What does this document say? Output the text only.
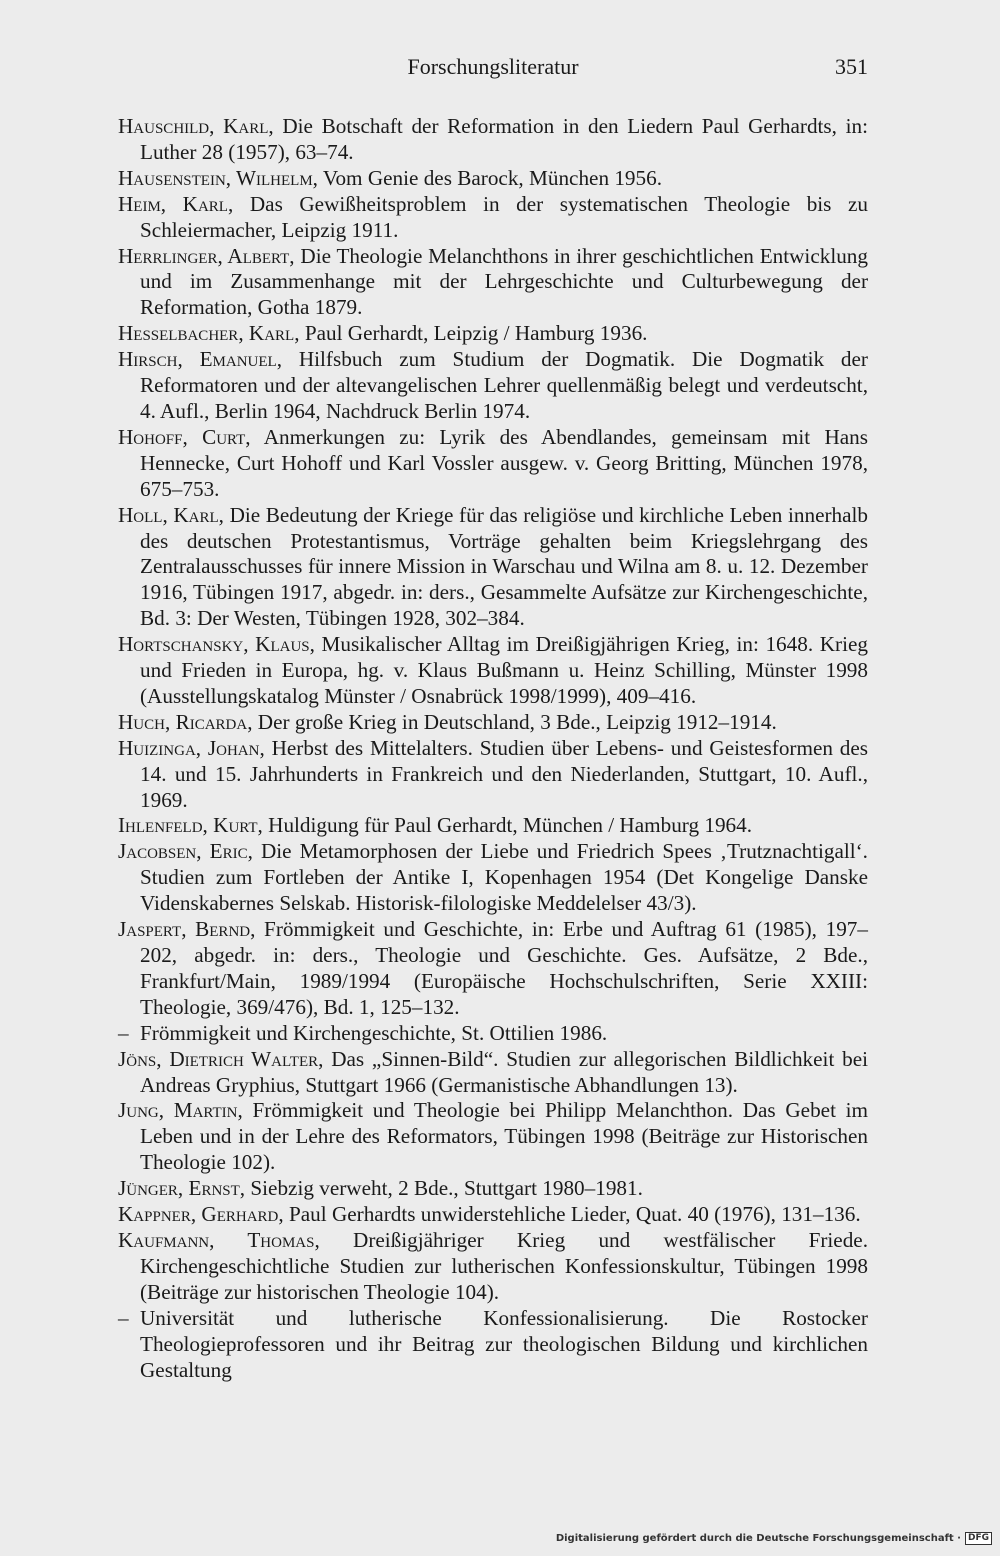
Forschungsliteratur	351
Hauschild, Karl, Die Botschaft der Reformation in den Liedern Paul Gerhardts, in: Luther 28 (1957), 63–74.
Hausenstein, Wilhelm, Vom Genie des Barock, München 1956.
Heim, Karl, Das Gewißheitsproblem in der systematischen Theologie bis zu Schleiermacher, Leipzig 1911.
Herrlinger, Albert, Die Theologie Melanchthons in ihrer geschichtlichen Entwicklung und im Zusammenhange mit der Lehrgeschichte und Culturbewegung der Reformation, Gotha 1879.
Hesselbacher, Karl, Paul Gerhardt, Leipzig / Hamburg 1936.
Hirsch, Emanuel, Hilfsbuch zum Studium der Dogmatik. Die Dogmatik der Reformatoren und der altevangelischen Lehrer quellenmäßig belegt und verdeutscht, 4. Aufl., Berlin 1964, Nachdruck Berlin 1974.
Hohoff, Curt, Anmerkungen zu: Lyrik des Abendlandes, gemeinsam mit Hans Hennecke, Curt Hohoff und Karl Vossler ausgew. v. Georg Britting, München 1978, 675–753.
Holl, Karl, Die Bedeutung der Kriege für das religiöse und kirchliche Leben innerhalb des deutschen Protestantismus, Vorträge gehalten beim Kriegslehrgang des Zentralausschusses für innere Mission in Warschau und Wilna am 8. u. 12. Dezember 1916, Tübingen 1917, abgedr. in: ders., Gesammelte Aufsätze zur Kirchengeschichte, Bd. 3: Der Westen, Tübingen 1928, 302–384.
Hortschansky, Klaus, Musikalischer Alltag im Dreißigjährigen Krieg, in: 1648. Krieg und Frieden in Europa, hg. v. Klaus Bußmann u. Heinz Schilling, Münster 1998 (Ausstellungskatalog Münster / Osnabrück 1998/1999), 409–416.
Huch, Ricarda, Der große Krieg in Deutschland, 3 Bde., Leipzig 1912–1914.
Huizinga, Johan, Herbst des Mittelalters. Studien über Lebens- und Geistesformen des 14. und 15. Jahrhunderts in Frankreich und den Niederlanden, Stuttgart, 10. Aufl., 1969.
Ihlenfeld, Kurt, Huldigung für Paul Gerhardt, München / Hamburg 1964.
Jacobsen, Eric, Die Metamorphosen der Liebe und Friedrich Spees ‚Trutznachtigall‘. Studien zum Fortleben der Antike I, Kopenhagen 1954 (Det Kongelige Danske Videnskabernes Selskab. Historisk-filologiske Meddelelser 43/3).
Jaspert, Bernd, Frömmigkeit und Geschichte, in: Erbe und Auftrag 61 (1985), 197–202, abgedr. in: ders., Theologie und Geschichte. Ges. Aufsätze, 2 Bde., Frankfurt/Main, 1989/1994 (Europäische Hochschulschriften, Serie XXIII: Theologie, 369/476), Bd. 1, 125–132.
– Frömmigkeit und Kirchengeschichte, St. Ottilien 1986.
Jöns, Dietrich Walter, Das „Sinnen-Bild“. Studien zur allegorischen Bildlichkeit bei Andreas Gryphius, Stuttgart 1966 (Germanistische Abhandlungen 13).
Jung, Martin, Frömmigkeit und Theologie bei Philipp Melanchthon. Das Gebet im Leben und in der Lehre des Reformators, Tübingen 1998 (Beiträge zur Historischen Theologie 102).
Jünger, Ernst, Siebzig verweht, 2 Bde., Stuttgart 1980–1981.
Kappner, Gerhard, Paul Gerhardts unwiderstehliche Lieder, Quat. 40 (1976), 131–136.
Kaufmann, Thomas, Dreißigjähriger Krieg und westfälischer Friede. Kirchengeschichtliche Studien zur lutherischen Konfessionskultur, Tübingen 1998 (Beiträge zur historischen Theologie 104).
– Universität und lutherische Konfessionalisierung. Die Rostocker Theologieprofessoren und ihr Beitrag zur theologischen Bildung und kirchlichen Gestaltung
Digitalisierung gefördert durch die Deutsche Forschungsgemeinschaft · DFG
